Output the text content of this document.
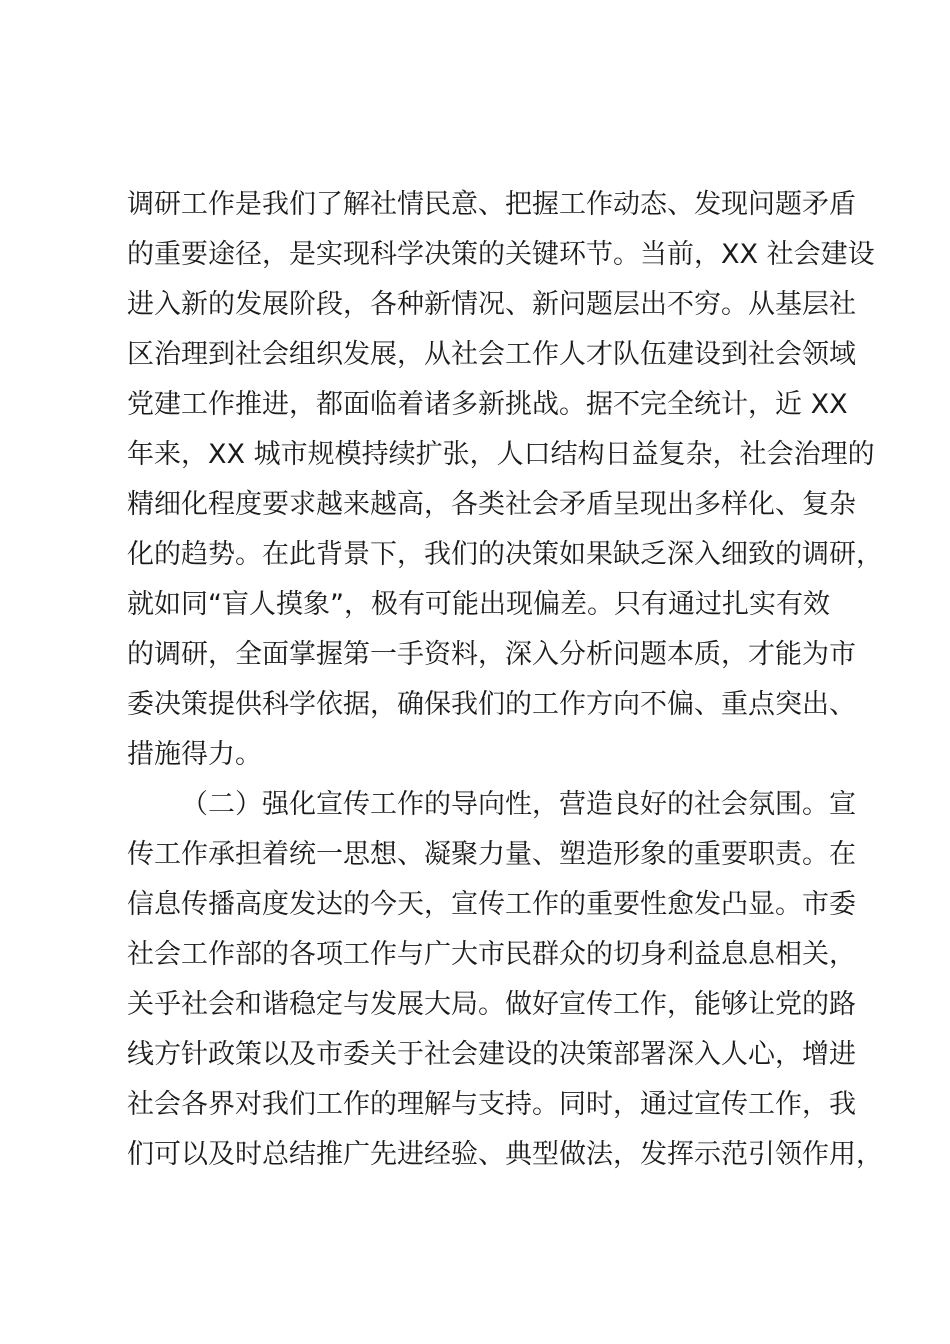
调研工作是我们了解社情民意、把握工作动态、发现问题矛盾
的重要途径，是实现科学决策的关键环节。当前，XX 社会建设
进入新的发展阶段，各种新情况、新问题层出不穷。从基层社
区治理到社会组织发展，从社会工作人才队伍建设到社会领域
党建工作推进，都面临着诸多新挑战。据不完全统计，近 XX
年来，XX 城市规模持续扩张，人口结构日益复杂，社会治理的
精细化程度要求越来越高，各类社会矛盾呈现出多样化、复杂
化的趋势。在此背景下，我们的决策如果缺乏深入细致的调研，
就如同“盲人摸象”，极有可能出现偏差。只有通过扎实有效
的调研，全面掌握第一手资料，深入分析问题本质，才能为市
委决策提供科学依据，确保我们的工作方向不偏、重点突出、
措施得力。
（二）强化宣传工作的导向性，营造良好的社会氛围。宣
传工作承担着统一思想、凝聚力量、塑造形象的重要职责。在
信息传播高度发达的今天，宣传工作的重要性愈发凸显。市委
社会工作部的各项工作与广大市民群众的切身利益息息相关，
关乎社会和谐稳定与发展大局。做好宣传工作，能够让党的路
线方针政策以及市委关于社会建设的决策部署深入人心，增进
社会各界对我们工作的理解与支持。同时，通过宣传工作，我
们可以及时总结推广先进经验、典型做法，发挥示范引领作用，
